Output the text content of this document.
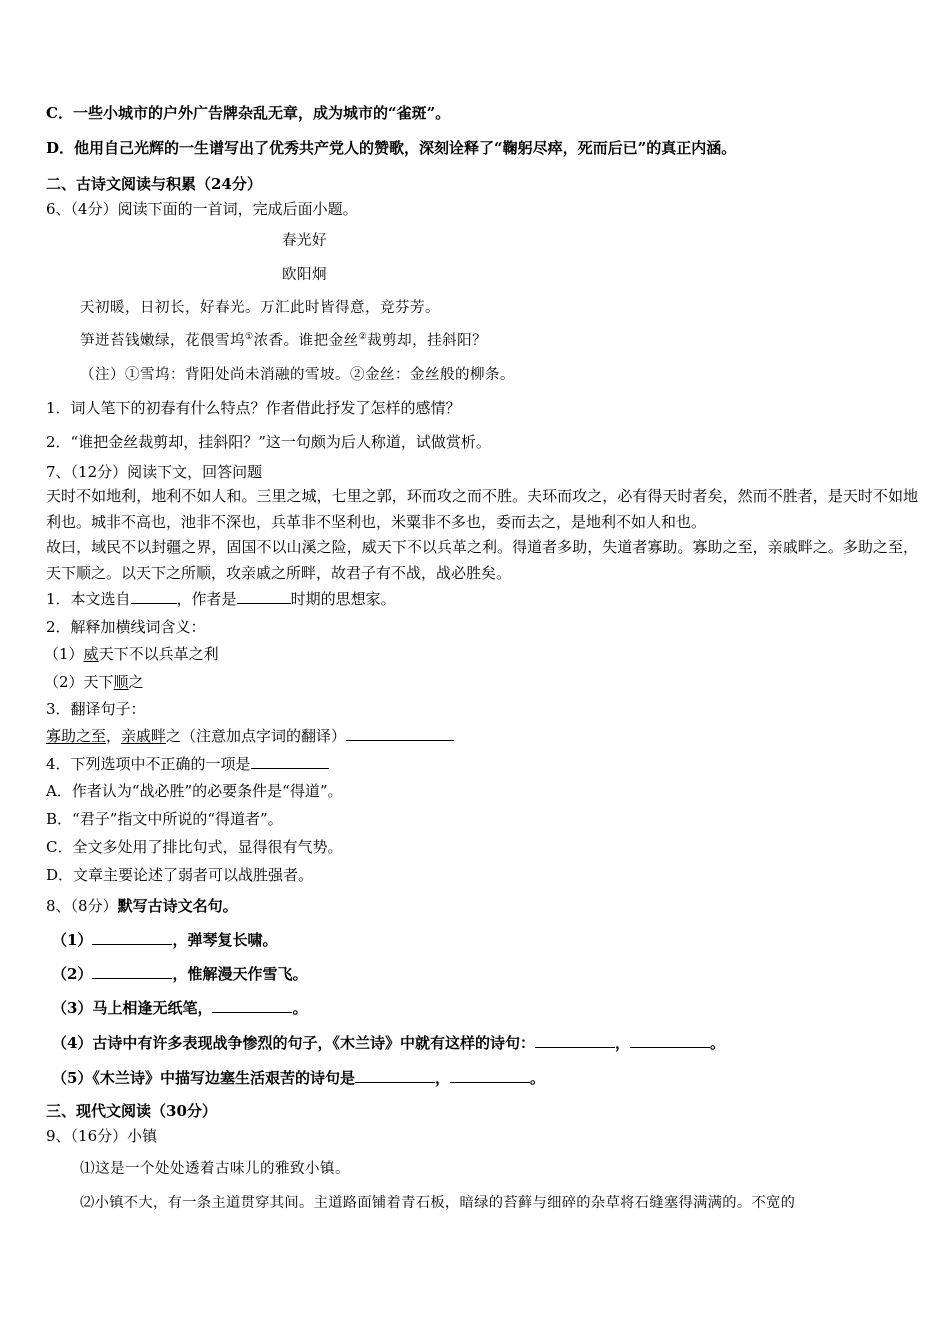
C．一些小城市的户外广告牌杂乱无章，成为城市的“雀斑”。
D．他用自己光辉的一生谱写出了优秀共产党人的赞歌，深刻诠释了“鞠躬尽瘁，死而后已”的真正内涵。
二、古诗文阅读与积累（24分）
6、（4分）阅读下面的一首词，完成后面小题。
春光好
欧阳炯
天初暖，日初长，好春光。万汇此时皆得意，竞芬芳。
笋迸苔钱嫩绿，花偎雪坞①浓香。谁把金丝②裁剪却，挂斜阳？
（注）①雪坞：背阳处尚未消融的雪坡。②金丝：金丝般的柳条。
1．词人笔下的初春有什么特点？作者借此抒发了怎样的感情？
2．“谁把金丝裁剪却，挂斜阳？”这一句颇为后人称道，试做赏析。
7、（12分）阅读下文，回答问题
天时不如地利，地利不如人和。三里之城，七里之郭，环而攻之而不胜。夫环而攻之，必有得天时者矣，然而不胜者，是天时不如地利也。城非不高也，池非不深也，兵革非不坚利也，米粟非不多也，委而去之，是地利不如人和也。
故曰，域民不以封疆之界，固国不以山溪之险，威天下不以兵革之利。得道者多助，失道者寡助。寡助之至，亲戚畔之。多助之至，天下顺之。以天下之所顺，攻亲戚之所畔，故君子有不战，战必胜矣。
1．本文选自	，作者是	时期的思想家。
2．解释加横线词含义：
（1）威天下不以兵革之利
（2）天下顺之
3．翻译句子：
寡助之至，亲戚畔之（注意加点字词的翻译）
4．下列选项中不正确的一项是
A．作者认为“战必胜”的必要条件是“得道”。
B．“君子”指文中所说的“得道者”。
C．全文多处用了排比句式，显得很有气势。
D．文章主要论述了弱者可以战胜强者。
8、（8分）默写古诗文名句。
（1）	，弹琴复长啸。
（2）	，惟解漫天作雪飞。
（3）马上相逢无纸笔，	。
（4）古诗中有许多表现战争惨烈的句子，《木兰诗》中就有这样的诗句：	，	。
（5）《木兰诗》中描写边塞生活艰苦的诗句是	，	。
三、现代文阅读（30分）
9、（16分）小镇
⑴这是一个处处透着古味儿的雅致小镇。
⑵小镇不大，有一条主道贯穿其间。主道路面铺着青石板，暗绿的苔藓与细碎的杂草将石缝塞得满满的。不宽的
